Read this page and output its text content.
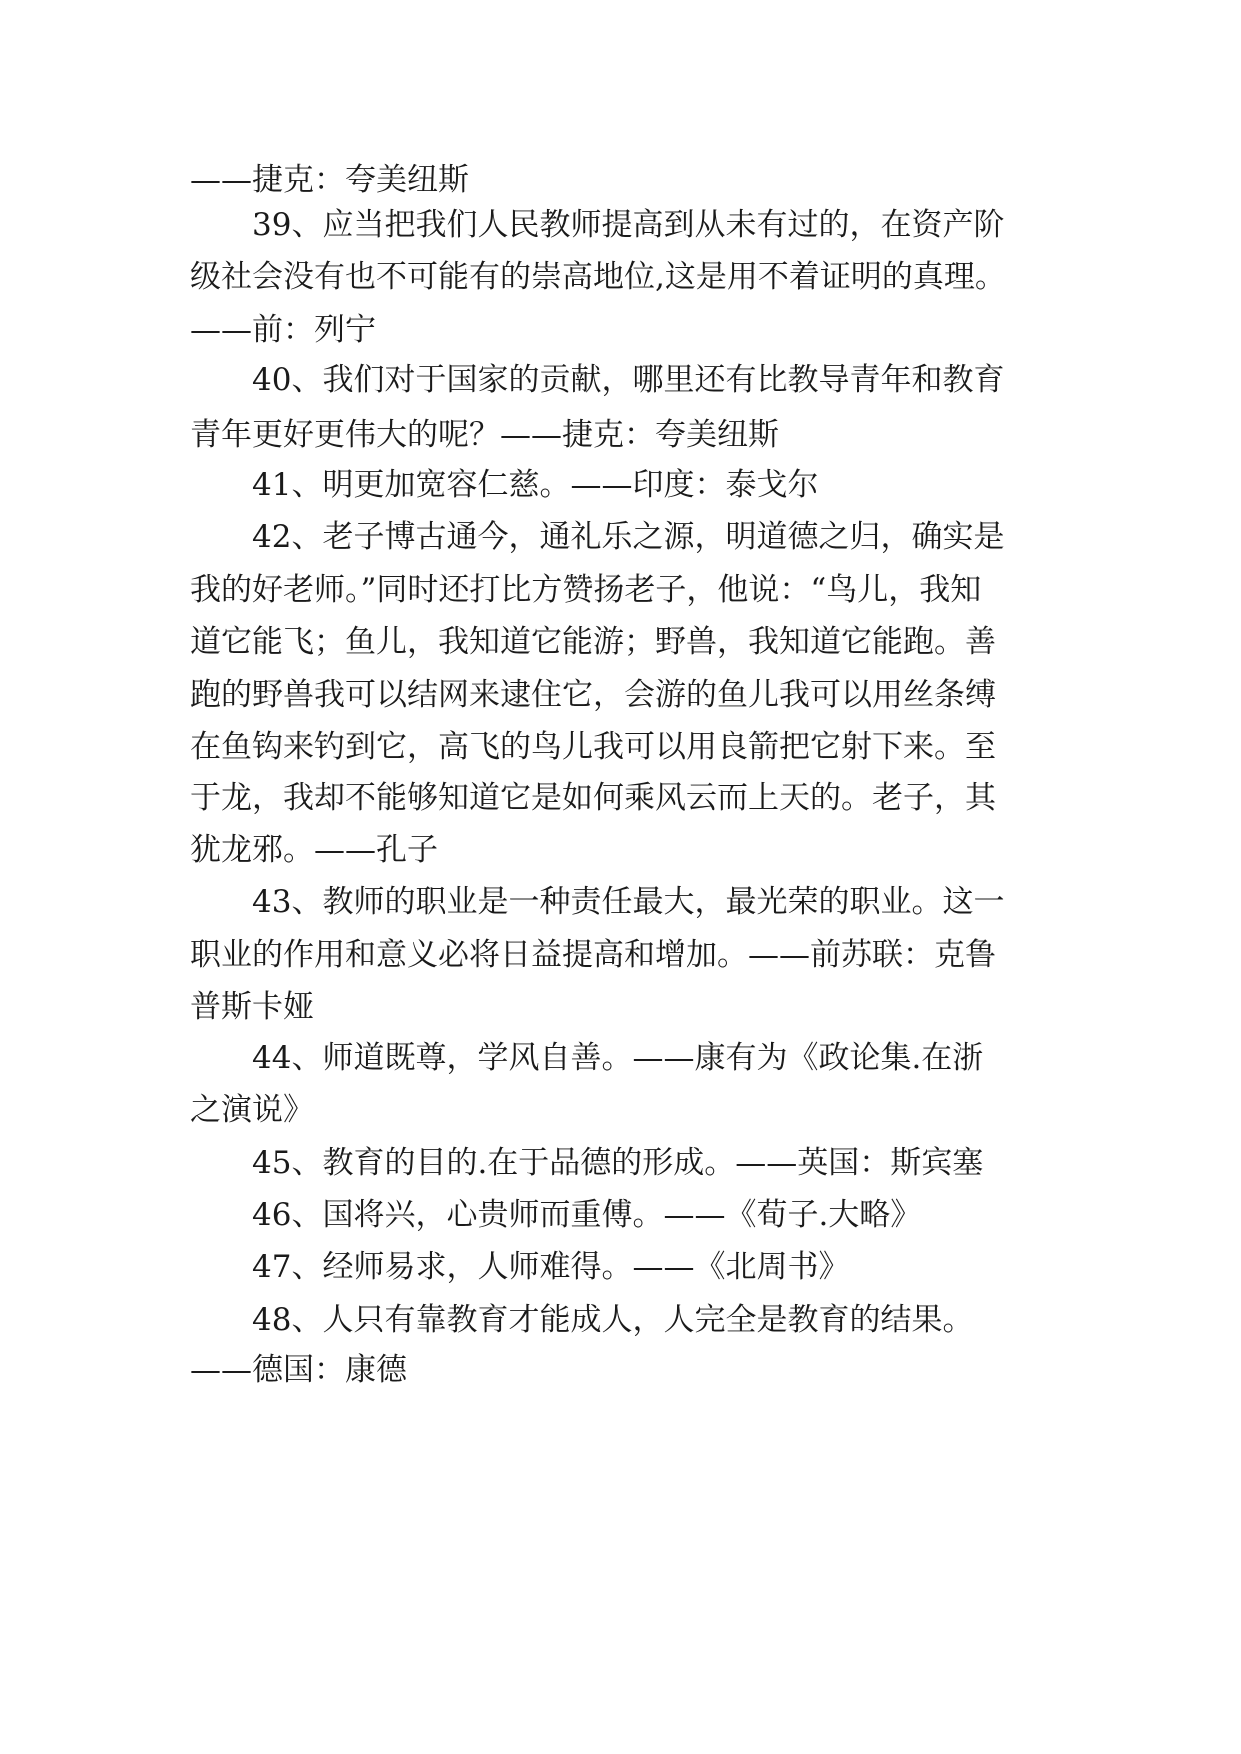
——捷克：夸美纽斯
39、应当把我们人民教师提高到从未有过的，在资产阶
级社会没有也不可能有的崇高地位,这是用不着证明的真理。
——前：列宁
40、我们对于国家的贡献，哪里还有比教导青年和教育
青年更好更伟大的呢？——捷克：夸美纽斯
41、明更加宽容仁慈。——印度：泰戈尔
42、老子博古通今，通礼乐之源，明道德之归，确实是
我的好老师。”同时还打比方赞扬老子，他说：“鸟儿，我知
道它能飞；鱼儿，我知道它能游；野兽，我知道它能跑。善
跑的野兽我可以结网来逮住它，会游的鱼儿我可以用丝条缚
在鱼钩来钓到它，高飞的鸟儿我可以用良箭把它射下来。至
于龙，我却不能够知道它是如何乘风云而上天的。老子，其
犹龙邪。——孔子
43、教师的职业是一种责任最大，最光荣的职业。这一
职业的作用和意义必将日益提高和增加。——前苏联：克鲁
普斯卡娅
44、师道既尊，学风自善。——康有为《政论集.在浙
之演说》
45、教育的目的.在于品德的形成。——英国：斯宾塞
46、国将兴，心贵师而重傅。——《荀子.大略》
47、经师易求，人师难得。——《北周书》
48、人只有靠教育才能成人，人完全是教育的结果。
——德国：康德
